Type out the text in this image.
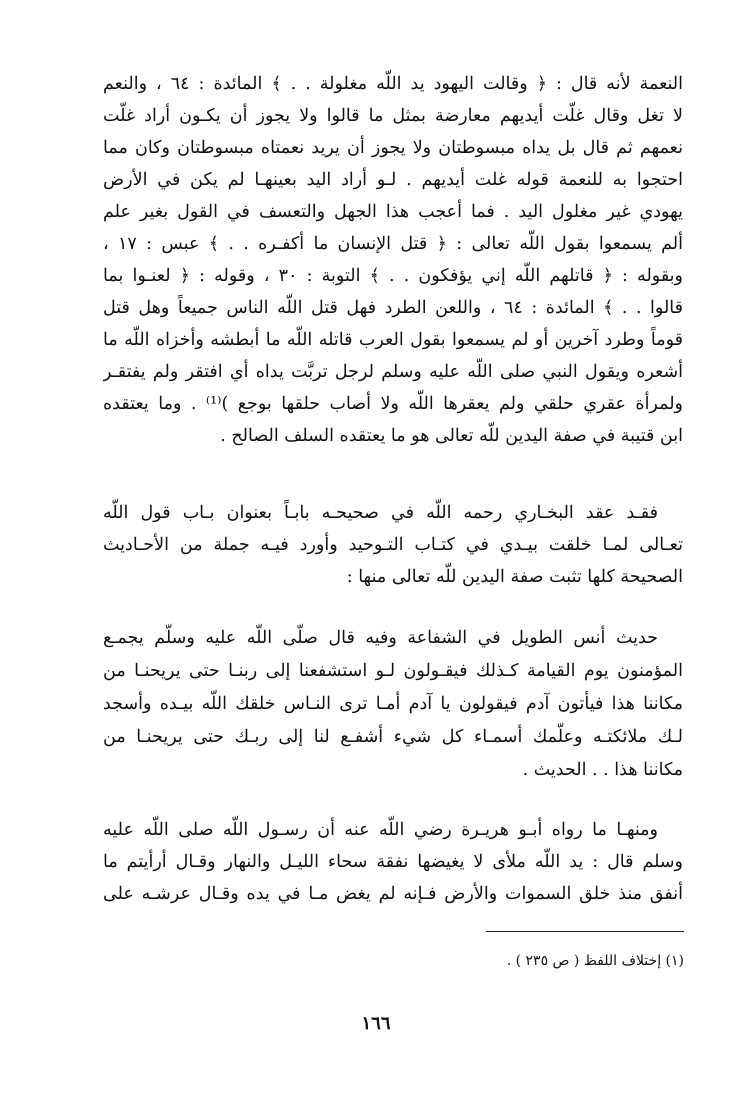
النعمة لأنه قال : ﴿ وقالت اليهود يد اللّه مغلولة . . ﴾ المائدة : ٦٤ ، والنعم
لا تغل وقال غلّت أيديهم معارضة بمثل ما قالوا ولا يجوز أن يكـون أراد غلّت
نعمهم ثم قال بل يداه مبسوطتان ولا يجوز أن يريد نعمتاه مبسوطتان وكان مما
احتجوا به للنعمة قوله غلت أيديهم . لـو أراد اليد بعينهـا لم يكن في الأرض
يهودي غير مغلول اليد . فما أعجب هذا الجهل والتعسف في القول بغير علم
ألم يسمعوا بقول اللّه تعالى : ﴿ قتل الإنسان ما أكفـره . . ﴾ عبس : ١٧ ،
وبقوله : ﴿ قاتلهم اللّه إني يؤفكون . . ﴾ التوبة : ٣٠ ، وقوله : ﴿ لعنـوا بما
قالوا . . ﴾ المائدة : ٦٤ ، واللعن الطرد فهل قتل اللّه الناس جميعاً وهل قتل
قوماً وطرد آخرين أو لم يسمعوا بقول العرب قاتله اللّه ما أبطشه وأخزاه اللّه ما
أشعره ويقول النبي صلى اللّه عليه وسلم لرجل تربَّت يداه أي افتقر ولم يفتقـر
ولمرأة عقري حلقي ولم يعقرها اللّه ولا أصاب حلقها بوجع )⁽¹⁾ . وما يعتقده
ابن قتيبة في صفة اليدين للّه تعالى هو ما يعتقده السلف الصالح .
فقـد عقد البخـاري رحمه اللّه في صحيحـه بابـاً بعنوان بـاب قول اللّه
تعـالى لمـا خلقت بيـدي في كتـاب التـوحيد وأورد فيـه جملة من الأحـاديث
الصحيحة كلها تثبت صفة اليدين للّه تعالى منها :
حديث أنس الطويل في الشفاعة وفيه قال صلّى اللّه عليه وسلّم يجمـع
المؤمنون يوم القيامة كـذلك فيقـولون لـو استشفعنا إلى ربنـا حتى يريحنـا من
مكاننا هذا فيأتون آدم فيقولون يا آدم أمـا ترى النـاس خلقك اللّه بيـده وأسجد
لـك ملائكتـه وعلّمك أسمـاء كل شيء أشفـع لنا إلى ربـك حتى يريحنـا من
مكاننا هذا . . الحديث .
ومنهـا ما رواه أبـو هريـرة رضي اللّه عنه أن رسـول اللّه صلى اللّه عليه
وسلم قال : يد اللّه ملأى لا يغيضها نفقة سحاء الليـل والنهار وقـال أرأيتم ما
أنفق منذ خلق السموات والأرض فـإنه لم يغض مـا في يده وقـال عرشـه على
(١) إختلاف اللفظ ( ص ٢٣٥ ) .
١٦٦
